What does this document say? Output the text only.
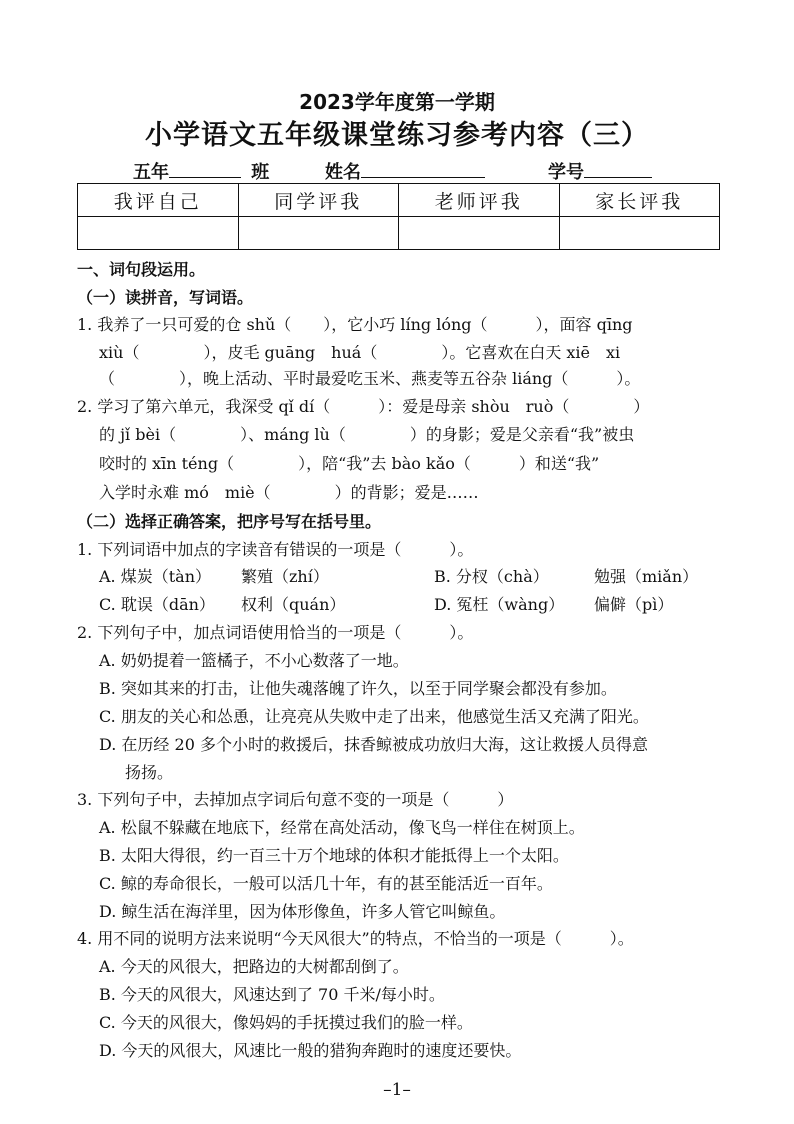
2023学年度第一学期
小学语文五年级课堂练习参考内容（三）
五年	班	姓名	学号
我评自己	同学评我	老师评我	家长评我

一、词句段运用。
（一）读拼音，写词语。
1. 我养了一只可爱的仓 shǔ（　　），它小巧 líng lóng（　　　），面容 qīng
xiù（　　　　），皮毛 guāng　huá（　　　　）。它喜欢在白天 xiē　xi
（　　　　），晚上活动、平时最爱吃玉米、燕麦等五谷杂 liáng（　　　）。
2. 学习了第六单元，我深受 qǐ dí（　　　）：爱是母亲 shòu　ruò（　　　　）
的 jǐ bèi（　　　　）、máng lù（　　　　）的身影；爱是父亲看“我”被虫
咬时的 xīn téng（　　　　），陪“我”去 bào kǎo（　　　）和送“我”
入学时永难 mó　miè（　　　　）的背影；爱是……
（二）选择正确答案，把序号写在括号里。
1. 下列词语中加点的字读音有错误的一项是（　　　）。
A. 煤炭（tàn） 繁殖（zhí）	B. 分杈（chà）	勉强（miǎn）
C. 耽误（dān） 权利（quán）	D. 冤枉（wàng） 偏僻（pì）
2. 下列句子中，加点词语使用恰当的一项是（　　　）。
A. 奶奶提着一篮橘子，不小心数落了一地。
B. 突如其来的打击，让他失魂落魄了许久，以至于同学聚会都没有参加。
C. 朋友的关心和怂恿，让亮亮从失败中走了出来，他感觉生活又充满了阳光。
D. 在历经 20 多个小时的救援后，抹香鲸被成功放归大海，这让救援人员得意
扬扬。
3. 下列句子中，去掉加点字词后句意不变的一项是（　　　）
A. 松鼠不躲藏在地底下，经常在高处活动，像飞鸟一样住在树顶上。
B. 太阳大得很，约一百三十万个地球的体积才能抵得上一个太阳。
C. 鲸的寿命很长，一般可以活几十年，有的甚至能活近一百年。
D. 鲸生活在海洋里，因为体形像鱼，许多人管它叫鲸鱼。
4. 用不同的说明方法来说明“今天风很大”的特点，不恰当的一项是（　　　）。
A. 今天的风很大，把路边的大树都刮倒了。
B. 今天的风很大，风速达到了 70 千米/每小时。
C. 今天的风很大，像妈妈的手抚摸过我们的脸一样。
D. 今天的风很大，风速比一般的猎狗奔跑时的速度还要快。
–1–
